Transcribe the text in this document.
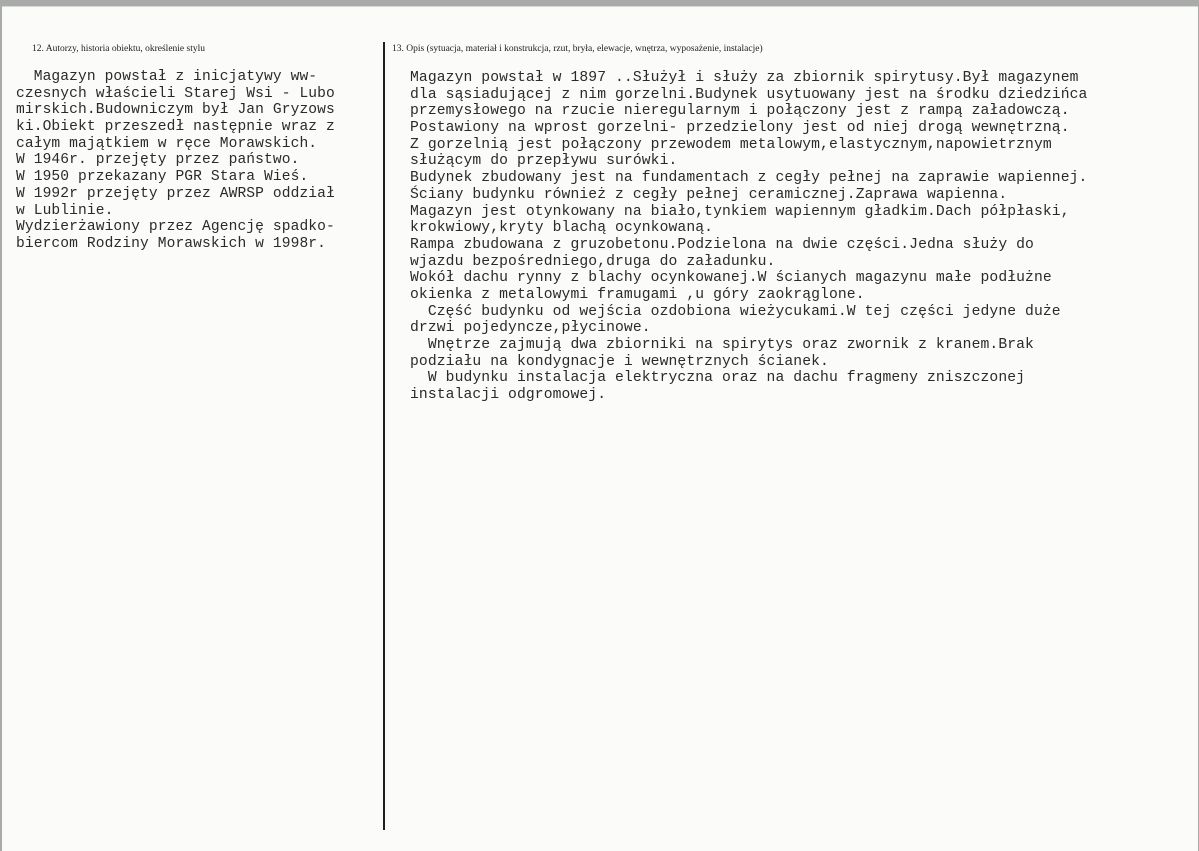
12. Autorzy, historia obiektu, określenie stylu	13. Opis (sytuacja, materiał i konstrukcja, rzut, bryła, elewacje, wnętrza, wyposażenie, instalacje)
Magazyn powstał z inicjatywy ww-
czesnych właścieli Starej Wsi - Lubo
mirskich.Budowniczym był Jan Gryzows
ki.Obiekt przeszedł następnie wraz z
całym majątkiem w ręce Morawskich.
W 1946r. przejęty przez państwo.
W 1950 przekazany PGR Stara Wieś.
W 1992r przejęty przez AWRSP oddział
w Lublinie.
Wydzierżawiony przez Agencję spadko-
biercom Rodziny Morawskich w 1998r.
Magazyn powstał w 1897 ..Służył i służy za zbiornik spirytusy.Był magazynem
dla sąsiadującej z nim gorzelni.Budynek usytuowany jest na środku dziedzińca
przemysłowego na rzucie nieregularnym i połączony jest z rampą załadowczą.
Postawiony na wprost gorzelni- przedzielony jest od niej drogą wewnętrzną.
Z gorzelnią jest połączony przewodem metalowym,elastycznym,napowietrznym
służącym do przepływu surówki.
Budynek zbudowany jest na fundamentach z cegły pełnej na zaprawie wapiennej.
Ściany budynku również z cegły pełnej ceramicznej.Zaprawa wapienna.
Magazyn jest otynkowany na biało,tynkiem wapiennym gładkim.Dach półpłaski,
krokwiowy,kryty blachą ocynkowaną.
Rampa zbudowana z gruzobetonu.Podzielona na dwie części.Jedna służy do
wjazdu bezpośredniego,druga do załadunku.
Wokół dachu rynny z blachy ocynkowanej.W ścianych magazynu małe podłużne
okienka z metalowymi framugami ,u góry zaokrąglone.
Część budynku od wejścia ozdobiona wieżycukami.W tej części jedyne duże
drzwi pojedyncze,płycinowe.
Wnętrze zajmują dwa zbiorniki na spirytys oraz zwornik z kranem.Brak
podziału na kondygnacje i wewnętrznych ścianek.
W budynku instalacja elektryczna oraz na dachu fragmeny zniszczonej
instalacji odgromowej.
